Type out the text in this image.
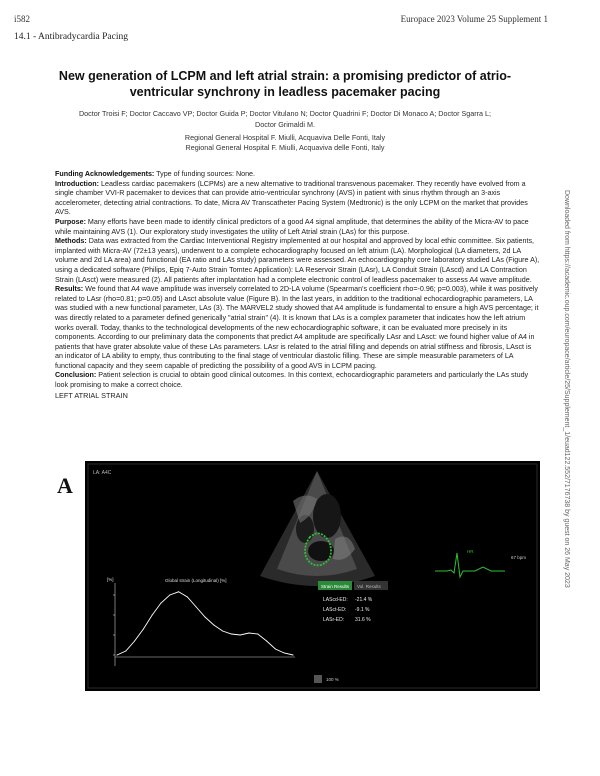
i582	Europace 2023 Volume 25 Supplement 1
14.1 - Antibradycardia Pacing
New generation of LCPM and left atrial strain: a promising predictor of atrio-ventricular synchrony in leadless pacemaker pacing
Doctor Troisi F; Doctor Caccavo VP; Doctor Guida P; Doctor Vitulano N; Doctor Quadrini F; Doctor Di Monaco A; Doctor Sgarra L;
Doctor Grimaldi M.
Regional General Hospital F. Miulli, Acquaviva Delle Fonti, Italy
Regional General Hospital F. Miulli, Acquaviva delle Fonti, Italy

Funding Acknowledgements: Type of funding sources: None.

Introduction: Leadless cardiac pacemakers (LCPMs) are a new alternative to traditional transvenous pacemaker. They recently have evolved from a single chamber VVI-R pacemaker to devices that can provide atrio-ventricular synchrony (AVS) in patient with sinus rhythm through an 3-axis accelerometer, detecting atrial contractions. To date, Micra AV Transcatheter Pacing System (Medtronic) is the only LCPM on the market that provides AVS.

Purpose: Many efforts have been made to identify clinical predictors of a good A4 signal amplitude, that determines the ability of the Micra-AV to pace while maintaining AVS (1). Our exploratory study investigates the utility of Left Atrial strain (LAs) for this purpose.

Methods: Data was extracted from the Cardiac Interventional Registry implemented at our hospital and approved by local ethic committee. Six patients, implanted with Micra-AV (72±13 years), underwent to a complete echocardiography focused on left atrium (LA). Morphological (LA diameters, 2d LA volume and 2d LA area) and functional (EA ratio and LAs study) parameters were assessed. An echocardiography core laboratory studied LAs (Figure A), using a dedicated software (Philips, Epiq 7-Auto Strain Tomtec Application): LA Reservoir Strain (LAsr), LA Conduit Strain (LAscd) and LA Contraction Strain (LAsct) were measured (2). All patients after implantation had a complete electronic control of leadless pacemaker to assess A4 wave amplitude.

Results: We found that A4 wave amplitude was inversely correlated to 2D-LA volume (Spearman's coefficient rho=-0.96; p=0.003), while it was positively related to LAsr (rho=0.81; p=0.05) and LAsct absolute value (Figure B). In the last years, in addition to the traditional echocardiographic parameters, LA was studied with a new functional parameter, LAs (3). The MARVEL2 study showed that A4 amplitude is fundamental to ensure a high AVS percentage; it was directly related to a parameter defined generically "atrial strain" (4). It is known that LAs is a complex parameter that indicates how the left atrium works overall. Today, thanks to the technological developments of the new echocardiographic software, it can be evaluated more precisely in its components. According to our preliminary data the components that predict A4 amplitude are specifically LAsr and LAsct: we found higher value of A4 in patients that have grater absolute value of these LAs parameters. LAsr is related to the atrial filling and depends on atrial stiffness and fibrosis, LAsct is an indicator of LA ability to empty, thus contributing to the final stage of ventricular diastolic filling. These are simple measurable parameters of LA functional capacity and they seem capable of predicting the possibility of a good AVS in LCPM pacing.

Conclusion: Patient selection is crucial to obtain good clinical outcomes. In this context, echocardiographic parameters and particularly the LAs study look promising to make a correct choice.

LEFT ATRIAL STRAIN	Downloaded from https://academic.oup.com/europace/article/25/Supplement_1/euad122.552/7176738 by guest on 26 May 2023
A	LA: A4C
HR
67 bpm
Global strain (Longitudinal) [%]
[%]
Strain Results Vol. Results
LAScd-ED: -21.4 %
LASct-ED: -9.1 %
LASr-ED: 31.6 %
100 %
